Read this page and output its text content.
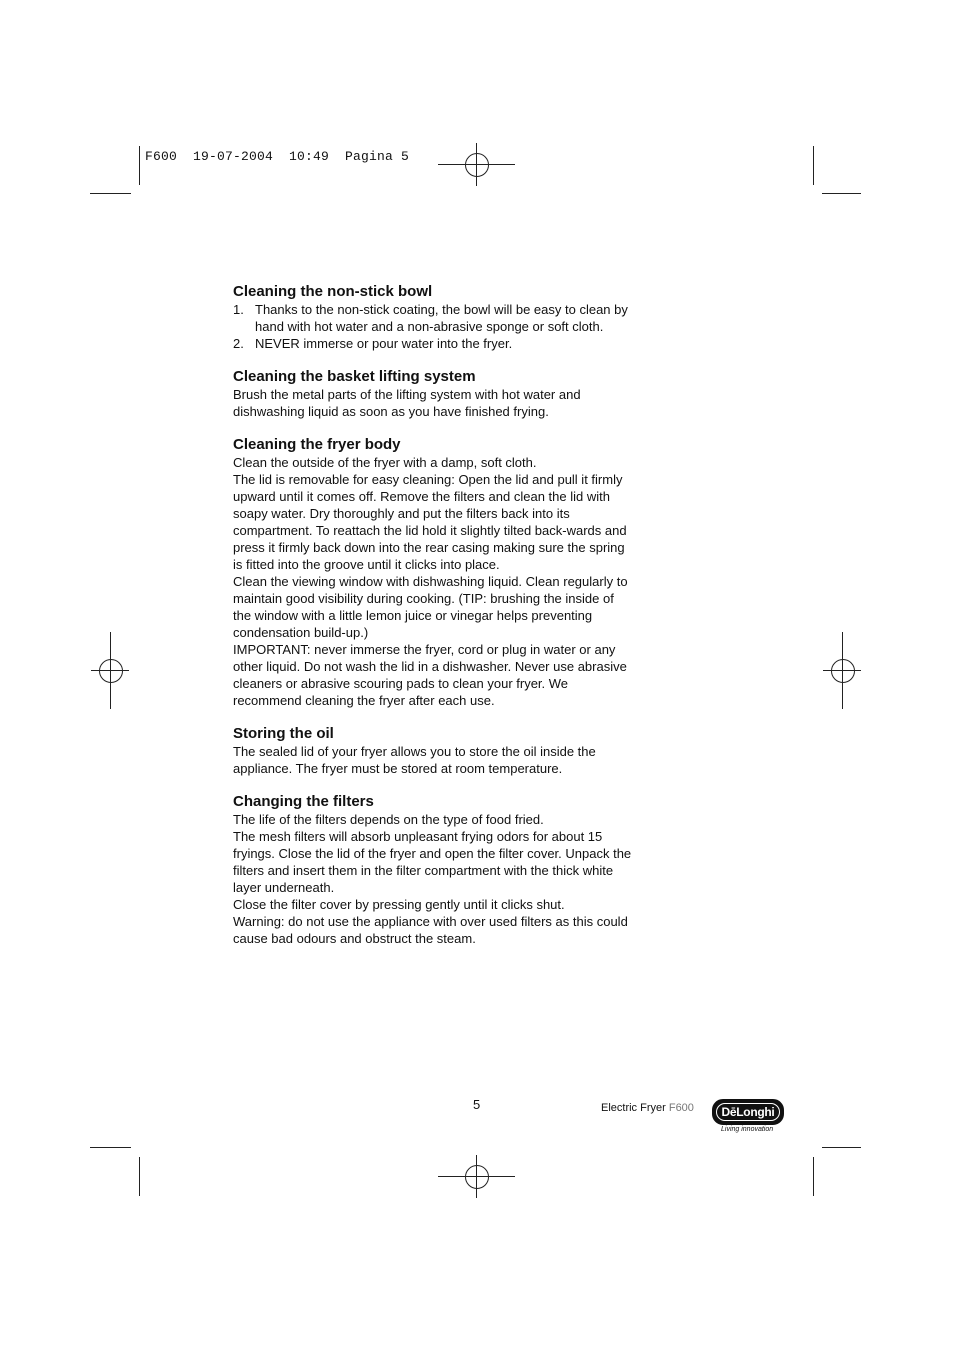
F600  19-07-2004  10:49  Pagina 5
Cleaning the non-stick bowl
1. Thanks to the non-stick coating, the bowl will be easy to clean by hand with hot water and a non-abrasive sponge or soft cloth.
2. NEVER immerse or pour water into the fryer.
Cleaning the basket lifting system

Brush the metal parts of the lifting system with hot water and dishwashing liquid as soon as you have finished frying.

Cleaning the fryer body

Clean the outside of the fryer with a damp, soft cloth.

The lid is removable for easy cleaning: Open the lid and pull it firmly upward until it comes off. Remove the filters and clean the lid with soapy water. Dry thoroughly and put the filters back into its compartment. To reattach the lid hold it slightly tilted back-wards and press it firmly back down into the rear casing making sure the spring is fitted into the groove until it clicks into place.

Clean the viewing window with dishwashing liquid. Clean regularly to maintain good visibility during cooking. (TIP: brushing the inside of the window with a little lemon juice or vinegar helps preventing condensation build-up.)

IMPORTANT: never immerse the fryer, cord or plug in water or any other liquid. Do not wash the lid in a dishwasher. Never use abrasive cleaners or abrasive scouring pads to clean your fryer. We recommend cleaning the fryer after each use.

Storing the oil

The sealed lid of your fryer allows you to store the oil inside the appliance. The fryer must be stored at room temperature.

Changing the filters

The life of the filters depends on the type of food fried.

The mesh filters will absorb unpleasant frying odors for about 15 fryings. Close the lid of the fryer and open the filter cover. Unpack the filters and insert them in the filter compartment with the thick white layer underneath.

Close the filter cover by pressing gently until it clicks shut.

Warning: do not use the appliance with over used filters as this could cause bad odours and obstruct the steam.

5	Electric Fryer F600	DēLonghi
Living innovation
